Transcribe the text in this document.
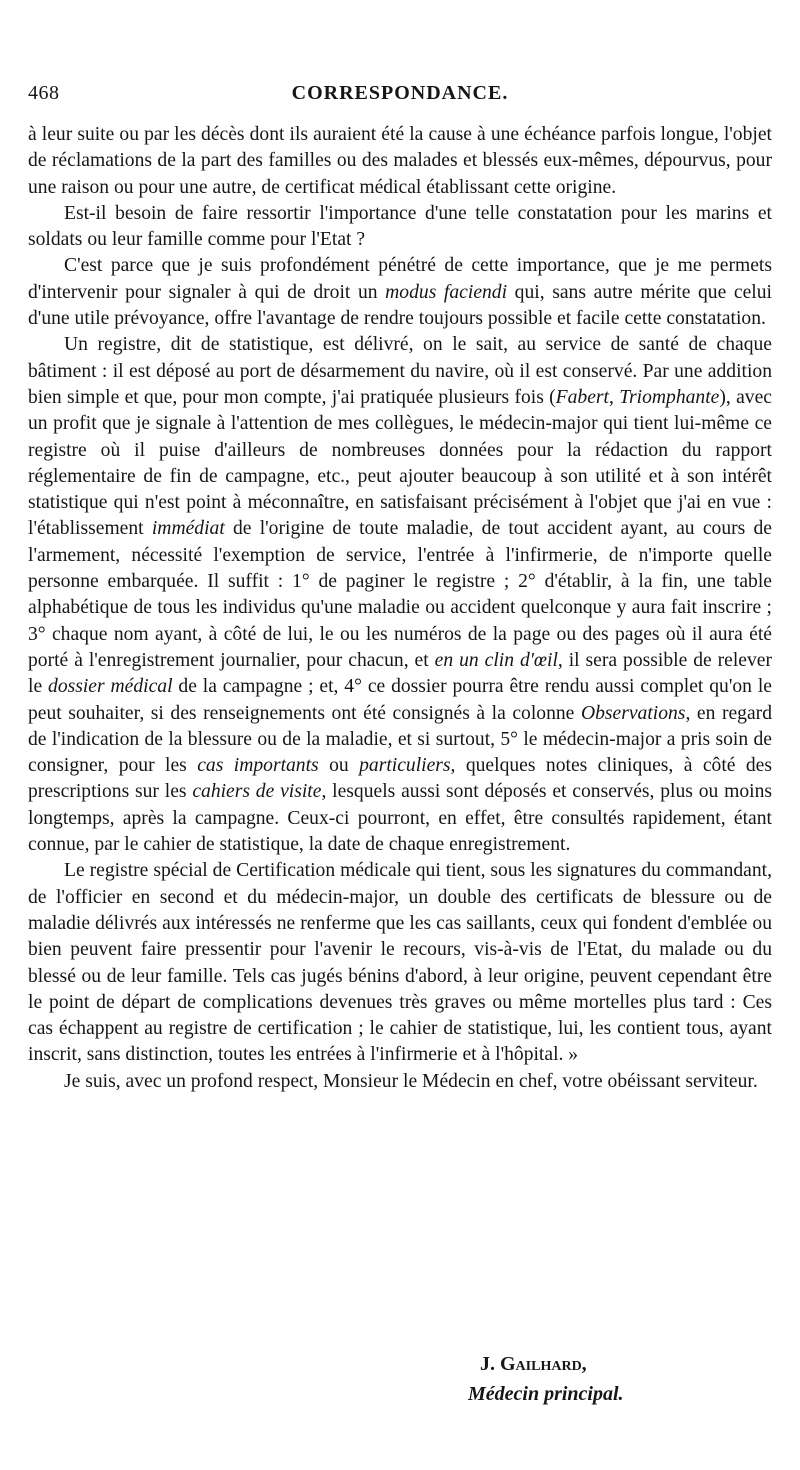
468	CORRESPONDANCE.

à leur suite ou par les décès dont ils auraient été la cause à une échéance parfois longue, l'objet de réclamations de la part des familles ou des malades et blessés eux-mêmes, dépourvus, pour une raison ou pour une autre, de certificat médical établissant cette origine.

Est-il besoin de faire ressortir l'importance d'une telle constatation pour les marins et soldats ou leur famille comme pour l'Etat ?

C'est parce que je suis profondément pénétré de cette importance, que je me permets d'intervenir pour signaler à qui de droit un modus faciendi qui, sans autre mérite que celui d'une utile prévoyance, offre l'avantage de rendre toujours possible et facile cette constatation.

Un registre, dit de statistique, est délivré, on le sait, au service de santé de chaque bâtiment : il est déposé au port de désarmement du navire, où il est conservé. Par une addition bien simple et que, pour mon compte, j'ai pratiquée plusieurs fois (Fabert, Triomphante), avec un profit que je signale à l'attention de mes collègues, le médecin-major qui tient lui-même ce registre où il puise d'ailleurs de nombreuses données pour la rédaction du rapport réglementaire de fin de campagne, etc., peut ajouter beaucoup à son utilité et à son intérêt statistique qui n'est point à méconnaître, en satisfaisant précisément à l'objet que j'ai en vue : l'établissement immédiat de l'origine de toute maladie, de tout accident ayant, au cours de l'armement, nécessité l'exemption de service, l'entrée à l'infirmerie, de n'importe quelle personne embarquée. Il suffit : 1° de paginer le registre ; 2° d'établir, à la fin, une table alphabétique de tous les individus qu'une maladie ou accident quelconque y aura fait inscrire ; 3° chaque nom ayant, à côté de lui, le ou les numéros de la page ou des pages où il aura été porté à l'enregistrement journalier, pour chacun, et en un clin d'œil, il sera possible de relever le dossier médical de la campagne ; et, 4° ce dossier pourra être rendu aussi complet qu'on le peut souhaiter, si des renseignements ont été consignés à la colonne Observations, en regard de l'indication de la blessure ou de la maladie, et si surtout, 5° le médecin-major a pris soin de consigner, pour les cas importants ou particuliers, quelques notes cliniques, à côté des prescriptions sur les cahiers de visite, lesquels aussi sont déposés et conservés, plus ou moins longtemps, après la campagne. Ceux-ci pourront, en effet, être consultés rapidement, étant connue, par le cahier de statistique, la date de chaque enregistrement.

Le registre spécial de Certification médicale qui tient, sous les signatures du commandant, de l'officier en second et du médecin-major, un double des certificats de blessure ou de maladie délivrés aux intéressés ne renferme que les cas saillants, ceux qui fondent d'emblée ou bien peuvent faire pressentir pour l'avenir le recours, vis-à-vis de l'Etat, du malade ou du blessé ou de leur famille. Tels cas jugés bénins d'abord, à leur origine, peuvent cependant être le point de départ de complications devenues très graves ou même mortelles plus tard : Ces cas échappent au registre de certification ; le cahier de statistique, lui, les contient tous, ayant inscrit, sans distinction, toutes les entrées à l'infirmerie et à l'hôpital. »

Je suis, avec un profond respect, Monsieur le Médecin en chef, votre obéissant serviteur.

J. Gailhard,
Médecin principal.
